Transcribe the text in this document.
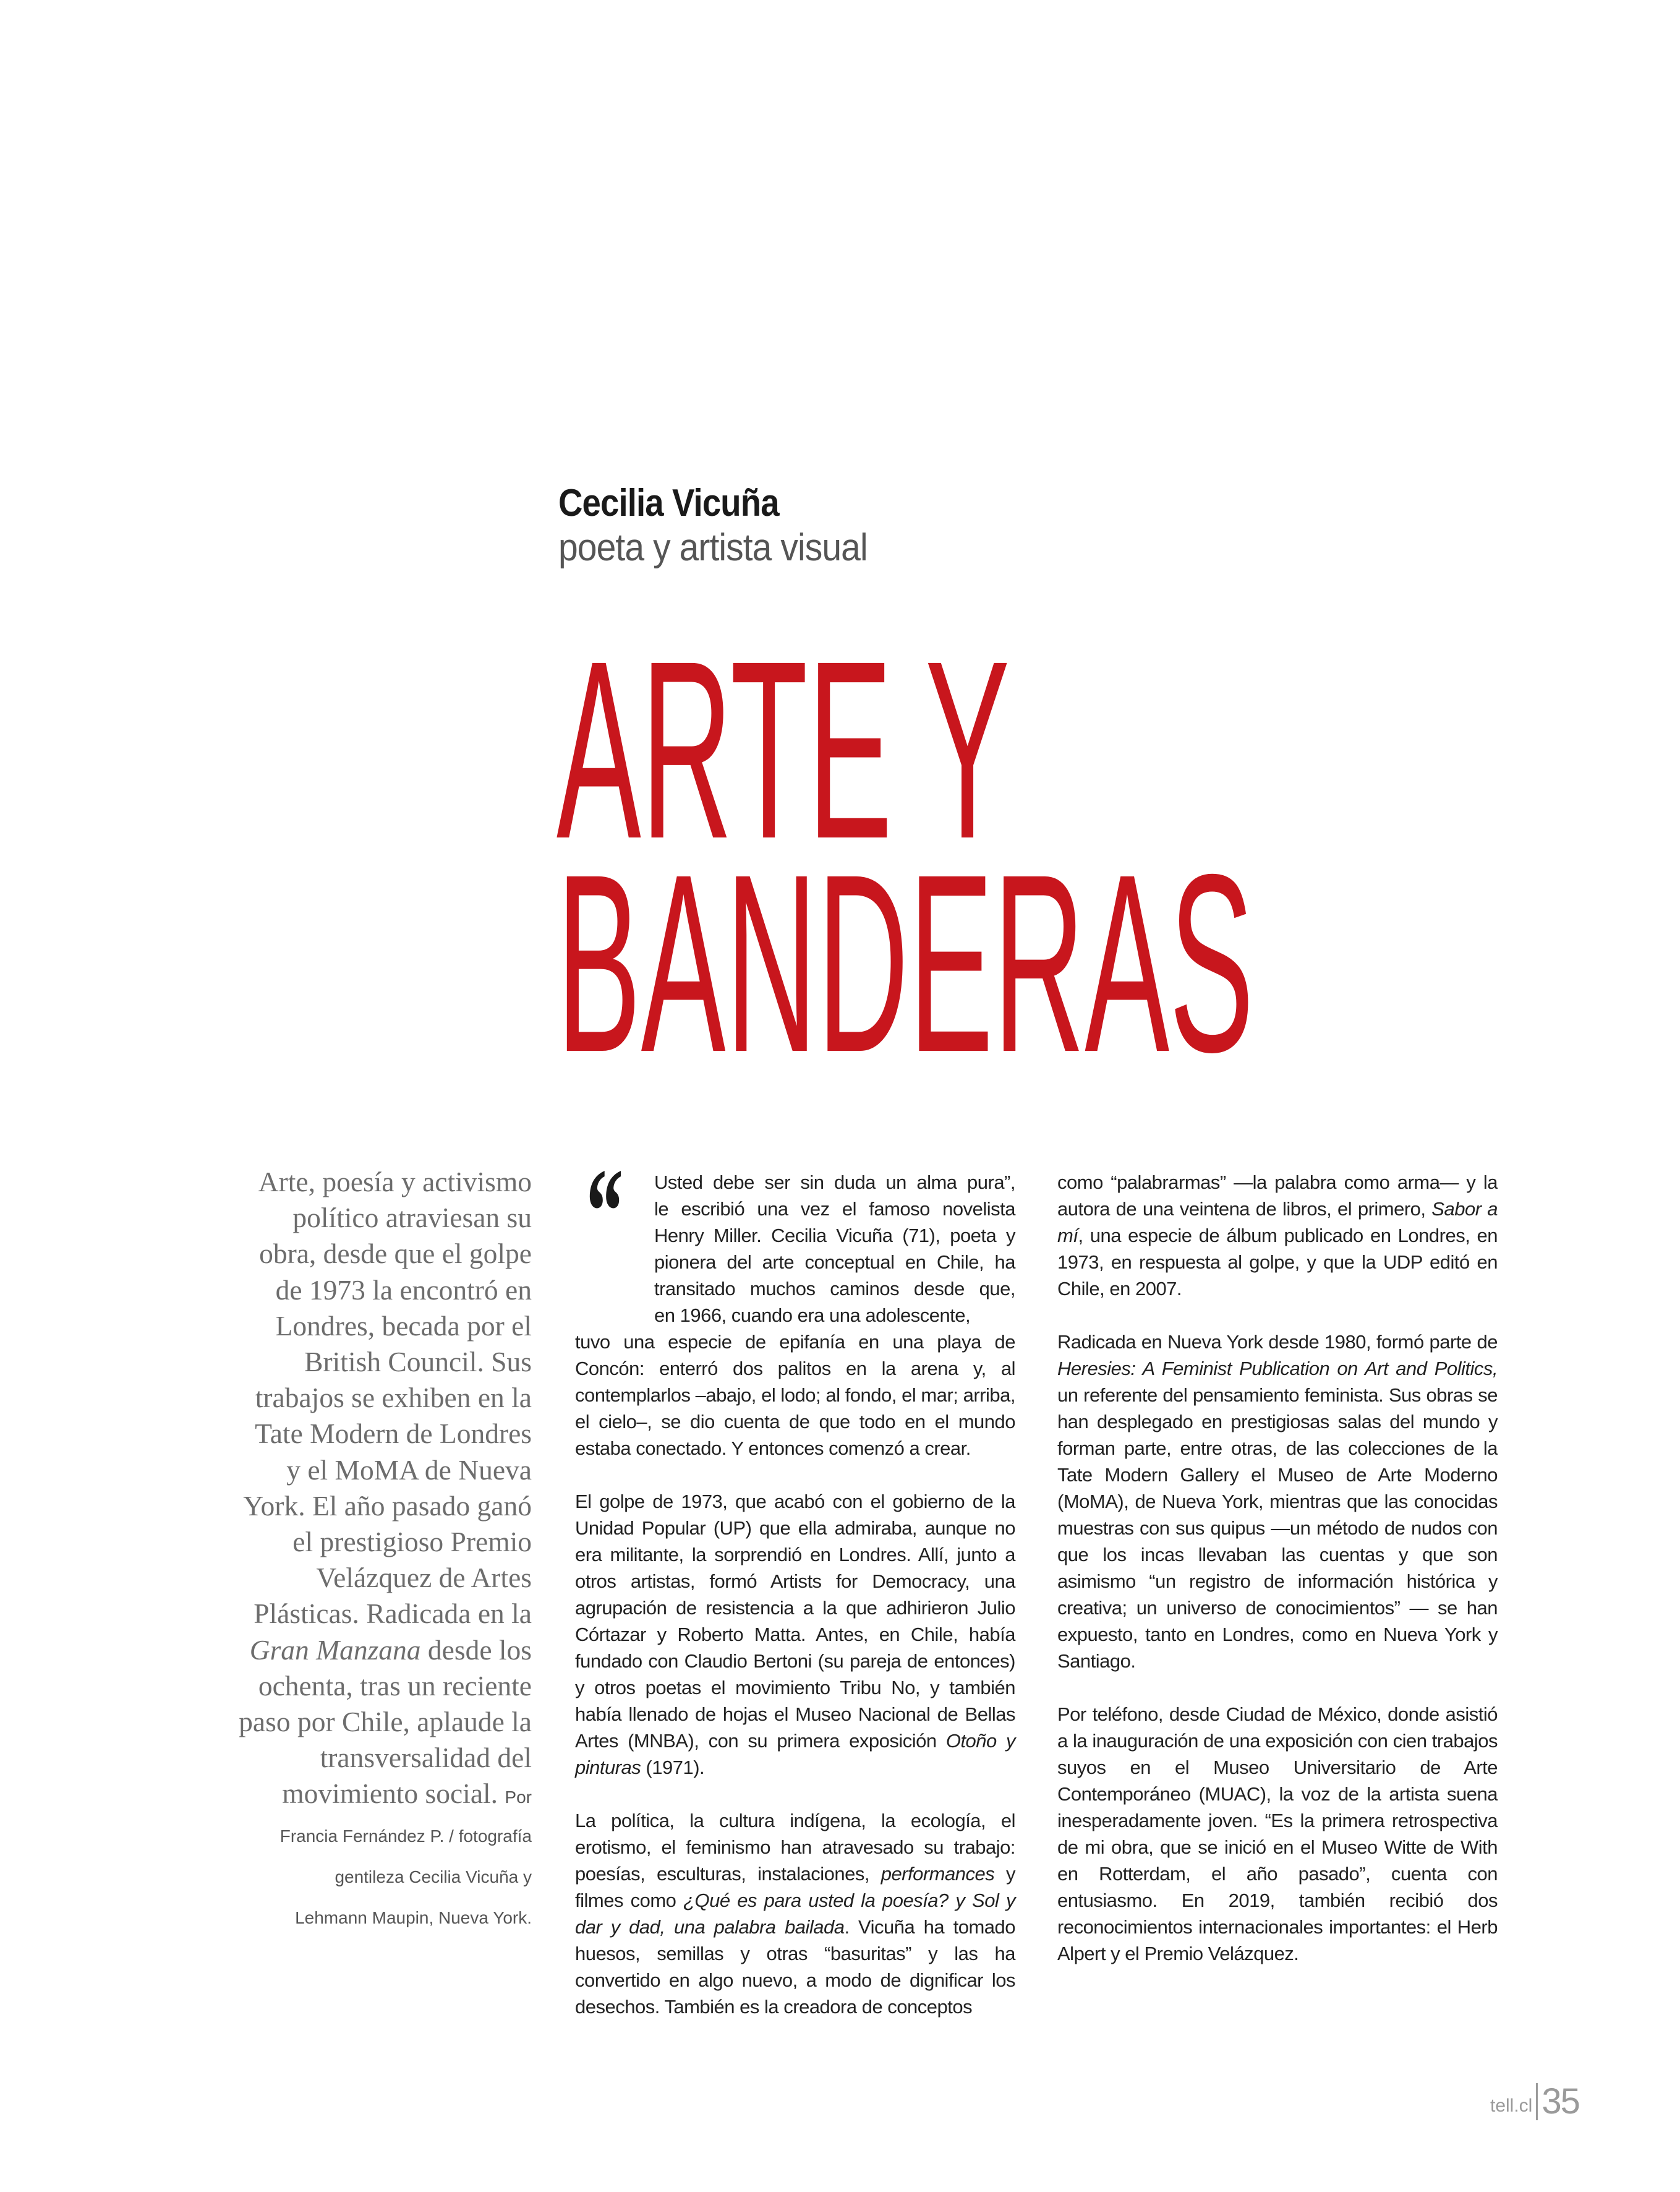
Cecilia Vicuña
poeta y artista visual
ARTE Y
BANDERAS
Arte, poesía y activismo político atraviesan su obra, desde que el golpe de 1973 la encontró en Londres, becada por el British Council. Sus trabajos se exhiben en la Tate Modern de Londres y el MoMA de Nueva York. El año pasado ganó el prestigioso Premio Velázquez de Artes Plásticas. Radicada en la Gran Manzana desde los ochenta, tras un reciente paso por Chile, aplaude la transversalidad del movimiento social. Por
Francia Fernández P. / fotografía
gentileza Cecilia Vicuña y
Lehmann Maupin, Nueva York.
“	Usted debe ser sin duda un alma pura”,
le escribió una vez el famoso novelista
Henry Miller. Cecilia Vicuña (71), poeta y
pionera del arte conceptual en Chile, ha
transitado muchos caminos desde que,
en 1966, cuando era una adolescente,
tuvo una especie de epifanía en una playa de Concón: enterró dos palitos en la arena y, al contemplarlos –abajo, el lodo; al fondo, el mar; arriba, el cielo–, se dio cuenta de que todo en el mundo estaba conectado. Y entonces comenzó a crear.

El golpe de 1973, que acabó con el gobierno de la Unidad Popular (UP) que ella admiraba, aunque no era militante, la sorprendió en Londres. Allí, junto a otros artistas, formó Artists for Democracy, una agrupación de resistencia a la que adhirieron Julio Córtazar y Roberto Matta. Antes, en Chile, había fundado con Claudio Bertoni (su pareja de entonces) y otros poetas el movimiento Tribu No, y también había llenado de hojas el Museo Nacional de Bellas Artes (MNBA), con su primera exposición Otoño y pinturas (1971).

La política, la cultura indígena, la ecología, el erotismo, el feminismo han atravesado su trabajo: poesías, esculturas, instalaciones, performances y filmes como ¿Qué es para usted la poesía? y Sol y dar y dad, una palabra bailada. Vicuña ha tomado huesos, semillas y otras “basuritas” y las ha convertido en algo nuevo, a modo de dignificar los desechos. También es la creadora de conceptos

como “palabrarmas” —la palabra como arma— y la autora de una veintena de libros, el primero, Sabor a mí, una especie de álbum publicado en Londres, en 1973, en respuesta al golpe, y que la UDP editó en Chile, en 2007.

Radicada en Nueva York desde 1980, formó parte de Heresies: A Feminist Publication on Art and Politics, un referente del pensamiento feminista. Sus obras se han desplegado en prestigiosas salas del mundo y forman parte, entre otras, de las colecciones de la Tate Modern Gallery el Museo de Arte Moderno (MoMA), de Nueva York, mientras que las conocidas muestras con sus quipus —un método de nudos con que los incas llevaban las cuentas y que son asimismo “un registro de información histórica y creativa; un universo de conocimientos” — se han expuesto, tanto en Londres, como en Nueva York y Santiago.

Por teléfono, desde Ciudad de México, donde asistió a la inauguración de una exposición con cien trabajos suyos en el Museo Universitario de Arte Contemporáneo (MUAC), la voz de la artista suena inesperadamente joven. “Es la primera retrospectiva de mi obra, que se inició en el Museo Witte de With en Rotterdam, el año pasado”, cuenta con entusiasmo. En 2019, también recibió dos reconocimientos internacionales importantes: el Herb Alpert y el Premio Velázquez.

tell.cl 35
